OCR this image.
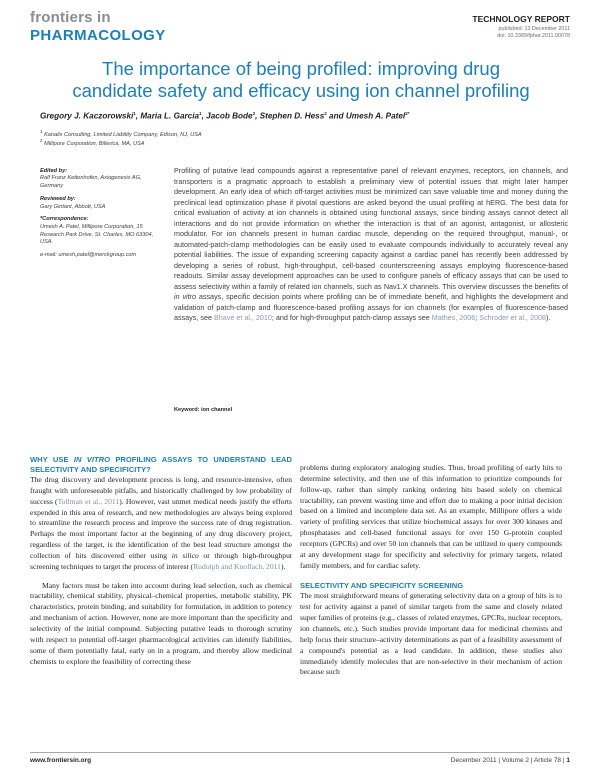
frontiers in
PHARMACOLOGY
TECHNOLOGY REPORT
published: 13 December 2011
doi: 10.3389/fphar.2011.00078
The importance of being profiled: improving drug
candidate safety and efficacy using ion channel profiling
Gregory J. Kaczorowski$^1$, Maria L. Garcia$^1$, Jacob Bode$^2$, Stephen D. Hess$^2$ and Umesh A. Patel$^{2*}$
$^1$ Kanalis Consulting, Limited Liability Company, Edison, NJ, USA
$^2$ Millipore Corporation, Billerica, MA, USA
Edited by:
Ralf Franz Kettenhofen, Axiogenesis AG, Germany
Reviewed by:
Gary Gintant, Abbott, USA
*Correspondence:
Umesh A. Patel, Millipore Corporation, 15 Research Park Drive, St. Charles, MO 63304, USA.
e-mail: umesh.patel@merckgroup.com
Profiling of putative lead compounds against a representative panel of relevant enzymes, receptors, ion channels, and transporters is a pragmatic approach to establish a preliminary view of potential issues that might later hamper development. An early idea of which off-target activities must be minimized can save valuable time and money during the preclinical lead optimization phase if pivotal questions are asked beyond the usual profiling at hERG. The best data for critical evaluation of activity at ion channels is obtained using functional assays, since binding assays cannot detect all interactions and do not provide information on whether the interaction is that of an agonist, antagonist, or allosteric modulator. For ion channels present in human cardiac muscle, depending on the required throughput, manual-, or automated-patch-clamp methodologies can be easily used to evaluate compounds individually to accurately reveal any potential liabilities. The issue of expanding screening capacity against a cardiac panel has recently been addressed by developing a series of robust, high-throughput, cell-based counterscreening assays employing fluorescence-based readouts. Similar assay development approaches can be used to configure panels of efficacy assays that can be used to assess selectivity within a family of related ion channels, such as Nav1.X channels. This overview discusses the benefits of in vitro assays, specific decision points where profiling can be of immediate benefit, and highlights the development and validation of patch-clamp and fluorescence-based profiling assays for ion channels (for examples of fluorescence-based assays, see Bhave et al., 2010; and for high-throughput patch-clamp assays see Mathes, 2006; Schroder et al., 2008).
Keyword: ion channel
WHY USE IN VITRO PROFILING ASSAYS TO UNDERSTAND LEAD SELECTIVITY AND SPECIFICITY?

The drug discovery and development process is long, and resource-intensive, often fraught with unforeseeable pitfalls, and historically challenged by low probability of success (Tollman et al., 2011). However, vast unmet medical needs justify the efforts expended in this area of research, and new methodologies are always being explored to streamline the research process and improve the success rate of drug registration. Perhaps the most important factor at the beginning of any drug discovery project, regardless of the target, is the identification of the best lead structure amongst the collection of hits discovered either using in silico or through high-throughput screening techniques to target the process of interest (Rudolph and Knoflach, 2011).

Many factors must be taken into account during lead selection, such as chemical tractability, chemical stability, physical–chemical properties, metabolic stability, PK characteristics, protein binding, and suitability for formulation, in addition to potency and mechanism of action. However, none are more important than the specificity and selectivity of the initial compound. Subjecting putative leads to thorough scrutiny with respect to potential off-target pharmacological activities can identify liabilities, some of them potentially fatal, early on in a program, and thereby allow medicinal chemists to explore the feasibility of correcting these

problems during exploratory analoging studies. Thus, broad profiling of early hits to determine selectivity, and then use of this information to prioritize compounds for follow-up, rather than simply ranking ordering hits based solely on chemical tractability, can prevent wasting time and effort due to making a poor initial decision based on a limited and incomplete data set. As an example, Millipore offers a wide variety of profiling services that utilize biochemical assays for over 300 kinases and phosphatases and cell-based functional assays for over 150 G-protein coupled receptors (GPCRs) and over 50 ion channels that can be utilized to query compounds at any development stage for specificity and selectivity for primary targets, related family members, and for cardiac safety.

SELECTIVITY AND SPECIFICITY SCREENING

The most straightforward means of generating selectivity data on a group of hits is to test for activity against a panel of similar targets from the same and closely related super families of proteins (e.g., classes of related enzymes, GPCRs, nuclear receptors, ion channels, etc.). Such studies provide important data for medicinal chemists and help focus their structure–activity determinations as part of a feasibility assessment of a compound's potential as a lead candidate. In addition, these studies also immediately identify molecules that are non-selective in their mechanism of action because such

www.frontiersin.org	December 2011 | Volume 2 | Article 78 | 1
